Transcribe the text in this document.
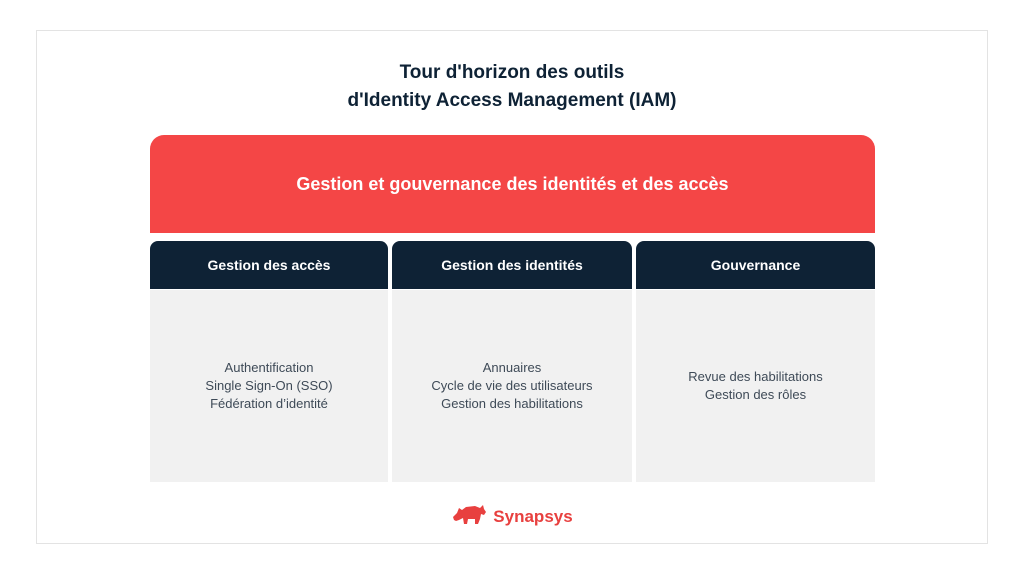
Tour d'horizon des outils
d'Identity Access Management (IAM)
Gestion et gouvernance des identités et des accès
Gestion des accès
Authentification
Single Sign-On (SSO)
Fédération d’identité
Gestion des identités
Annuaires
Cycle de vie des utilisateurs
Gestion des habilitations
Gouvernance
Revue des habilitations
Gestion des rôles
Synapsys
